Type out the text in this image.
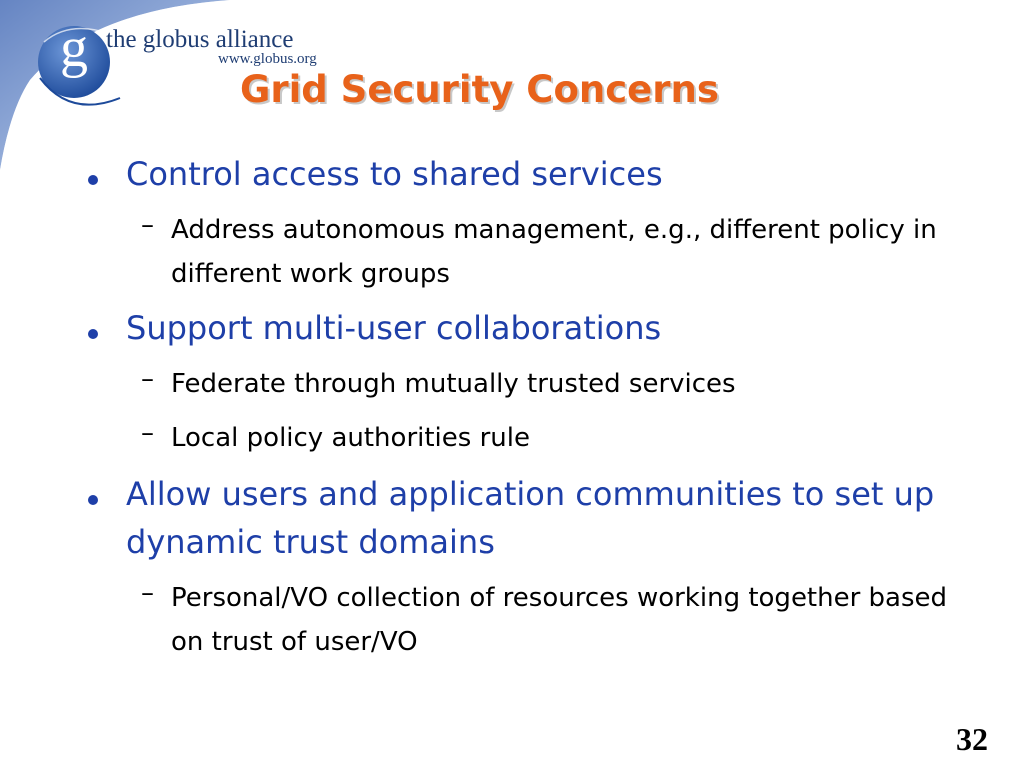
g the globus alliance
www.globus.org
Grid Security Concerns
Control access to shared services
– Address autonomous management, e.g., different policy in different work groups
Support multi-user collaborations
– Federate through mutually trusted services
– Local policy authorities rule
Allow users and application communities to set up dynamic trust domains
– Personal/VO collection of resources working together based on trust of user/VO
32
